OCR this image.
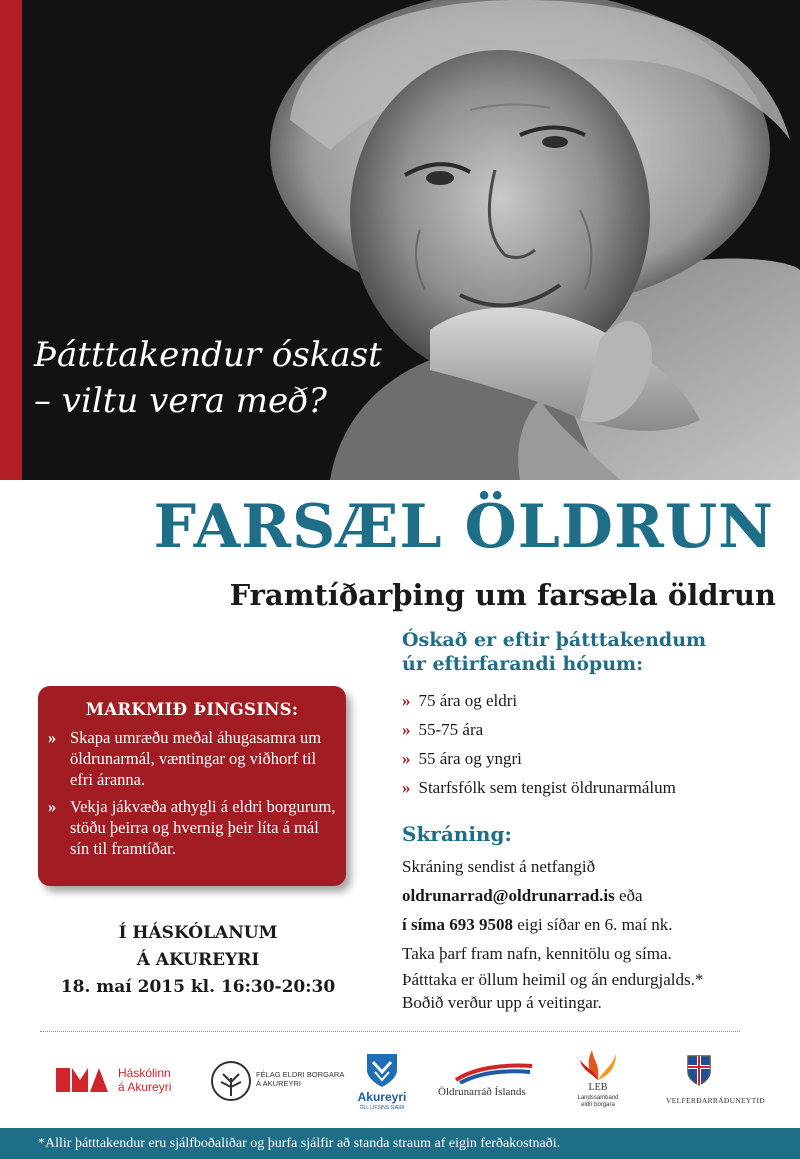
Þátttakendur óskast
– viltu vera með?
FARSÆL ÖLDRUN
Framtíðarþing um farsæla öldrun
MARKMIÐ ÞINGSINS:
» Skapa umræðu meðal áhugasamra um öldrunarmál, væntingar og viðhorf til efri áranna.
» Vekja jákvæða athygli á eldri borgurum, stöðu þeirra og hvernig þeir líta á mál sín til framtíðar.
Í HÁSKÓLANUM
Á AKUREYRI
18. maí 2015 kl. 16:30-20:30
Óskað er eftir þátttakendum
úr eftirfarandi hópum:
» 75 ára og eldri
» 55-75 ára
» 55 ára og yngri
» Starfsfólk sem tengist öldrunarmálum
Skráning:
Skráning sendist á netfangið
oldrunarrad@oldrunarrad.is eða
í síma 693 9508 eigi síðar en 6. maí nk.
Taka þarf fram nafn, kennitölu og síma.
Þátttaka er öllum heimil og án endurgjalds.*
Boðið verður upp á veitingar.
Háskólinn
á Akureyri
FÉLAG ELDRI BORGARA
Á AKUREYRI
Akureyri
ÖLL LÍFSINS GÆÐI
Öldrunarráð Íslands	LEB
Landssamband
eldri borgara	VELFERÐARRÁÐUNEYTIÐ
*Allir þátttakendur eru sjálfboðaliðar og þurfa sjálfir að standa straum af eigin ferðakostnaði.
